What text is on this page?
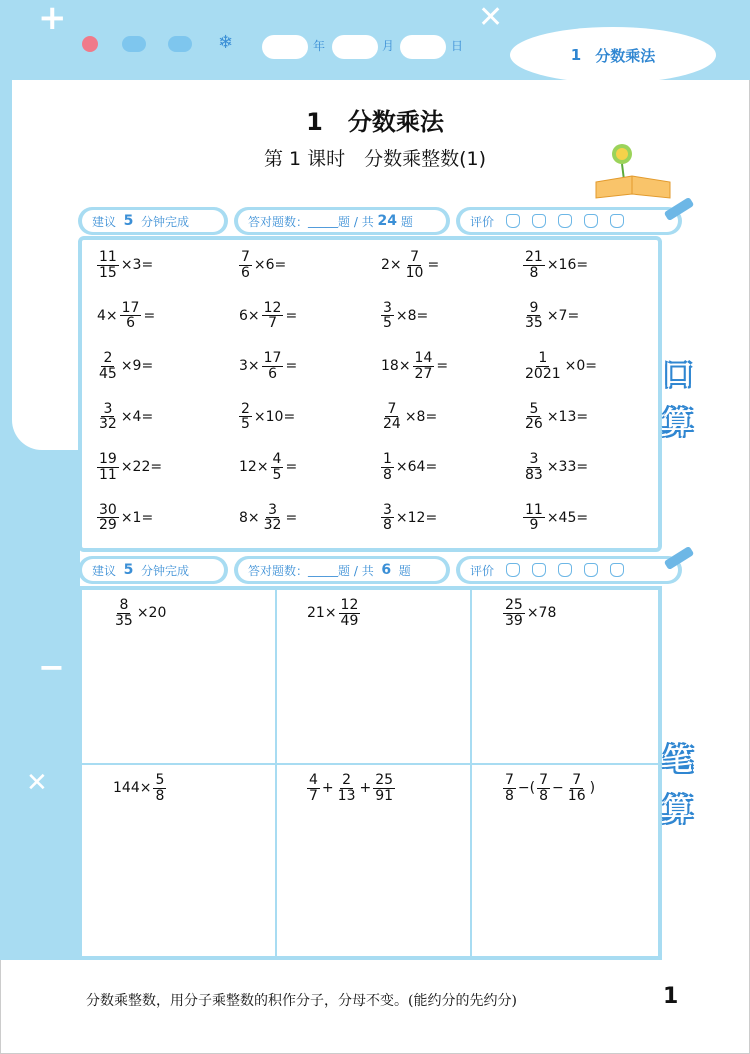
+	✕
−
✕
❄	年	月	日	1 分数乘法
1 分数乘法
第 1 课时　分数乘整数(1)
建议
5
分钟完成	答对题数： _____ 题 / 共
24
题	评价
$\frac{11}{15} \times 3=$	$\frac{7}{6} \times 6=$	$2\times \frac{7}{10}$ =	$\frac{21}{8} \times 16=$
$4\times \frac{17}{6}$ =	$6\times \frac{12}{7}$ =	$\frac{3}{5} \times 8=$	$\frac{9}{35} \times 7=$
$\frac{2}{45} \times 9=$	$3\times \frac{17}{6}$ =	$18\times \frac{14}{27}$ =	$\frac{1}{2021} \times 0=$
$\frac{3}{32} \times 4=$	$\frac{2}{5} \times 10=$	$\frac{7}{24} \times 8=$	$\frac{5}{26} \times 13=$
$\frac{19}{11} \times 22=$	$12\times \frac{4}{5}$ =	$\frac{1}{8} \times 64=$	$\frac{3}{83} \times 33=$
$\frac{30}{29} \times 1=$	$8\times \frac{3}{32}$ =	$\frac{3}{8} \times 12=$	$\frac{11}{9} \times 45=$
口
算
建议
5
分钟完成	答对题数： _____ 题 / 共
6
题	评价
$\frac{8}{35} \times 20$	$21\times \frac{12}{49}$	$\frac{25}{39} \times 78$
$144\times \frac{5}{8}$	$\frac{4}{7} + \frac{2}{13} + \frac{25}{91}$	$\frac{7}{8}$ −( $\frac{7}{8} - \frac{7}{16}$ )
笔
算
分数乘整数，用分子乘整数的积作分子，分母不变。(能约分的先约分)	1
